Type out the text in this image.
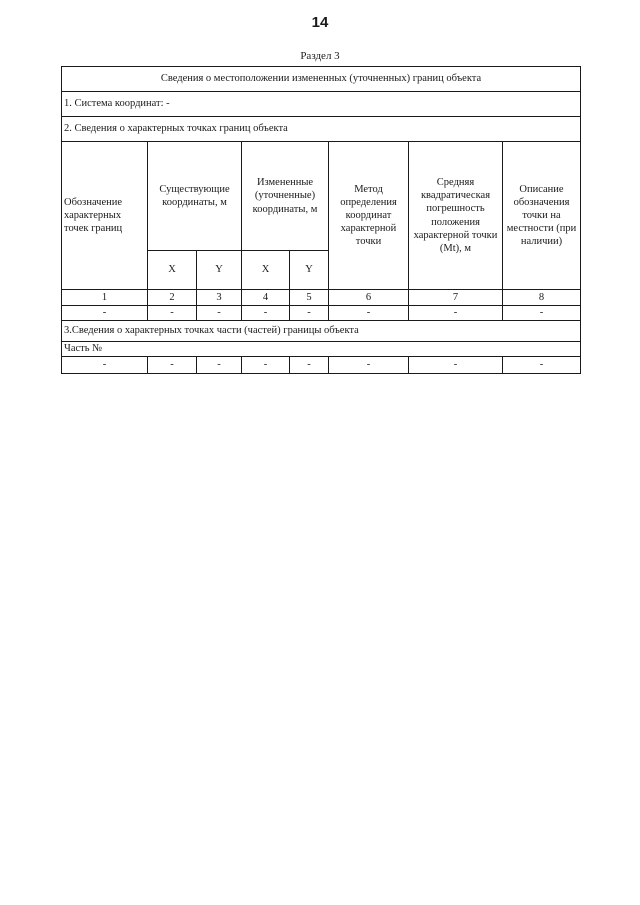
14
Раздел 3
Сведения о местоположении измененных (уточненных) границ объекта							
1. Система координат: -							
2. Сведения о характерных точках границ объекта							
Обозначение характерных точек границ	Существующие координаты, м		Измененные (уточненные) координаты, м		Метод определения координат характерной точки	Средняя квадратическая погрешность положения характерной точки (Mt), м	Описание обозначения точки на местности (при наличии)
	X	Y	X	Y			
1	2	3	4	5	6	7	8
-	-	-	-	-	-	-	-
3.Сведения о характерных точках части (частей) границы объекта							
Часть №							
-	-	-	-	-	-	-	-
